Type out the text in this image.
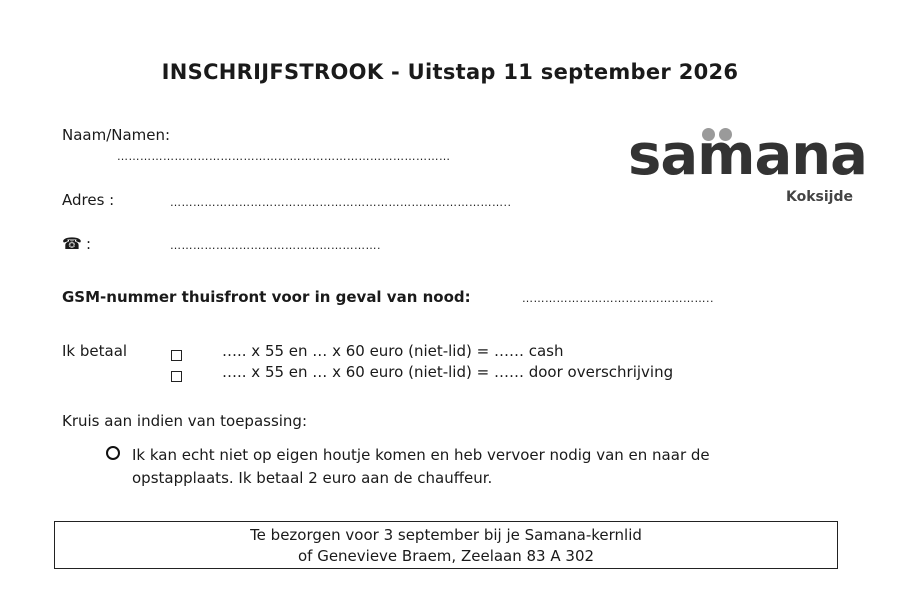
INSCHRIJFSTROOK - Uitstap 11 september 2026
samana
Koksijde
Naam/Namen:
……………………………………………………………………………
Adres :	……………………………………………………………………………..
☎ :	……………………………………………….
GSM-nummer thuisfront voor in geval van nood:	…………………………………………..
Ik betaal	….. x 55 en … x 60 euro (niet-lid) = …… cash
….. x 55 en … x 60 euro (niet-lid) = …… door overschrijving
Kruis aan indien van toepassing:
Ik kan echt niet op eigen houtje komen en heb vervoer nodig van en naar de
opstapplaats. Ik betaal 2 euro aan de chauffeur.
Te bezorgen voor 3 september bij je Samana-kernlid
of Genevieve Braem, Zeelaan 83 A 302
